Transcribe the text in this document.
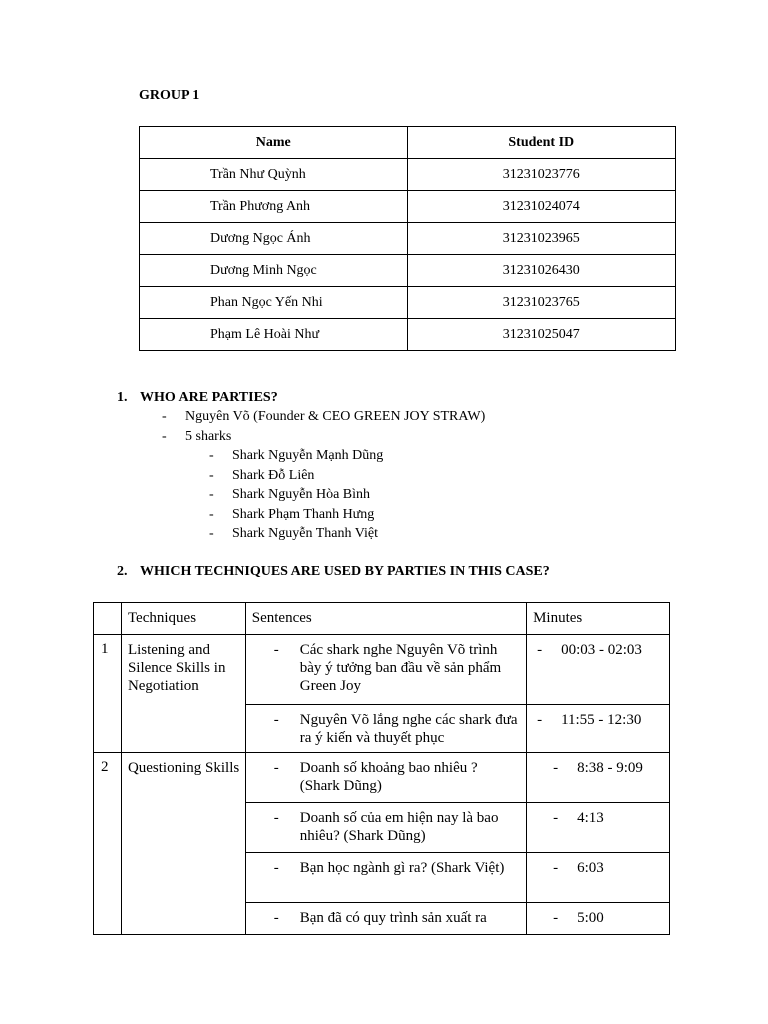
GROUP 1
Name	Student ID
Trần Như Quỳnh	31231023776
Trần Phương Anh	31231024074
Dương Ngọc Ánh	31231023965
Dương Minh Ngọc	31231026430
Phan Ngọc Yến Nhi	31231023765
Phạm Lê Hoài Như	31231025047
1. WHO ARE PARTIES?
- Nguyên Võ (Founder & CEO GREEN JOY STRAW)
- 5 sharks
- Shark Nguyễn Mạnh Dũng
- Shark Đỗ Liên
- Shark Nguyễn Hòa Bình
- Shark Phạm Thanh Hưng
- Shark Nguyễn Thanh Việt
2. WHICH TECHNIQUES ARE USED BY PARTIES IN THIS CASE?
	Techniques	Sentences	Minutes
1	Listening and Silence Skills in Negotiation	- Các shark nghe Nguyên Võ trình bày ý tưởng ban đầu về sản phẩm Green Joy	- 00:03 - 02:03

		- Nguyên Võ lắng nghe các shark đưa ra ý kiến và thuyết phục	- 11:55 - 12:30

2	Questioning Skills	- Doanh số khoảng bao nhiêu ? (Shark Dũng)	- 8:38 - 9:09

		- Doanh số của em hiện nay là bao nhiêu? (Shark Dũng)	- 4:13

		- Bạn học ngành gì ra? (Shark Việt)	- 6:03

		- Bạn đã có quy trình sản xuất ra	- 5:00
